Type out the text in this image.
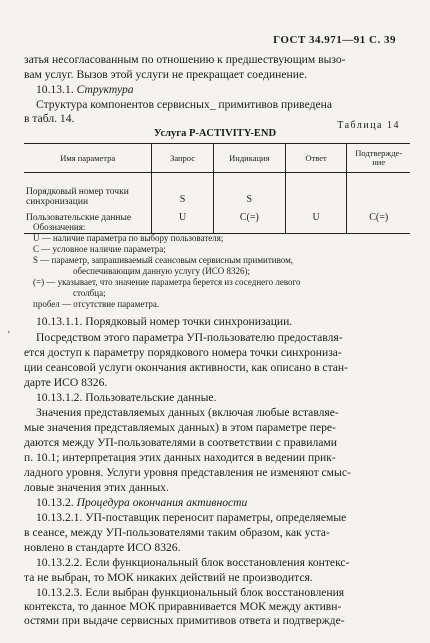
ГОСТ 34.971—91 С. 39
затья несогласованным по отношению к предшествующим вызо-
вам услуг. Вызов этой услуги не прекращает соединение.
10.13.1. Структура
Структура компонентов сервисных_ примитивов приведена
в табл. 14.
Таблица 14
Услуга P-ACTIVITY-END
Имя параметра	Запрос	Индикация	Ответ	Подтвержде-
ние
Порядковый номер точки синхронизации	S	S		
Пользовательские данные	U	C(=)	U	C(=)
Обозначения:
U — наличие параметра по выбору пользователя;
C — условное наличие параметра;
S — параметр, запрашиваемый сеансовым сервисным примитивом,
обеспечивающим данную услугу (ИСО 8326);
(=) — указывает, что значение параметра берется из соседнего левого
столбца;
пробел — отсутствие параметра.
'
10.13.1.1. Порядковый номер точки синхронизации.
Посредством этого параметра УП-пользователю предоставля-
ется доступ к параметру порядкового номера точки синхрониза-
ции сеансовой услуги окончания активности, как описано в стан-
дарте ИСО 8326.
10.13.1.2. Пользовательские данные.
Значения представляемых данных (включая любые вставляе-
мые значения представляемых данных) в этом параметре пере-
даются между УП-пользователями в соответствии с правилами
п. 10.1; интерпретация этих данных находится в ведении прик-
ладного уровня. Услуги уровня представления не изменяют смыс-
ловые значения этих данных.
10.13.2. Процедура окончания активности
10.13.2.1. УП-поставщик переносит параметры, определяемые
в сеансе, между УП-пользователями таким образом, как уста-
новлено в стандарте ИСО 8326.
10.13.2.2. Если функциональный блок восстановления контекс-
та не выбран, то МОК никаких действий не производится.
10.13.2.3. Если выбран функциональный блок восстановления
контекста, то данное МОК приравнивается МОК между активн-
остями при выдаче сервисных примитивов ответа и подтвержде-
